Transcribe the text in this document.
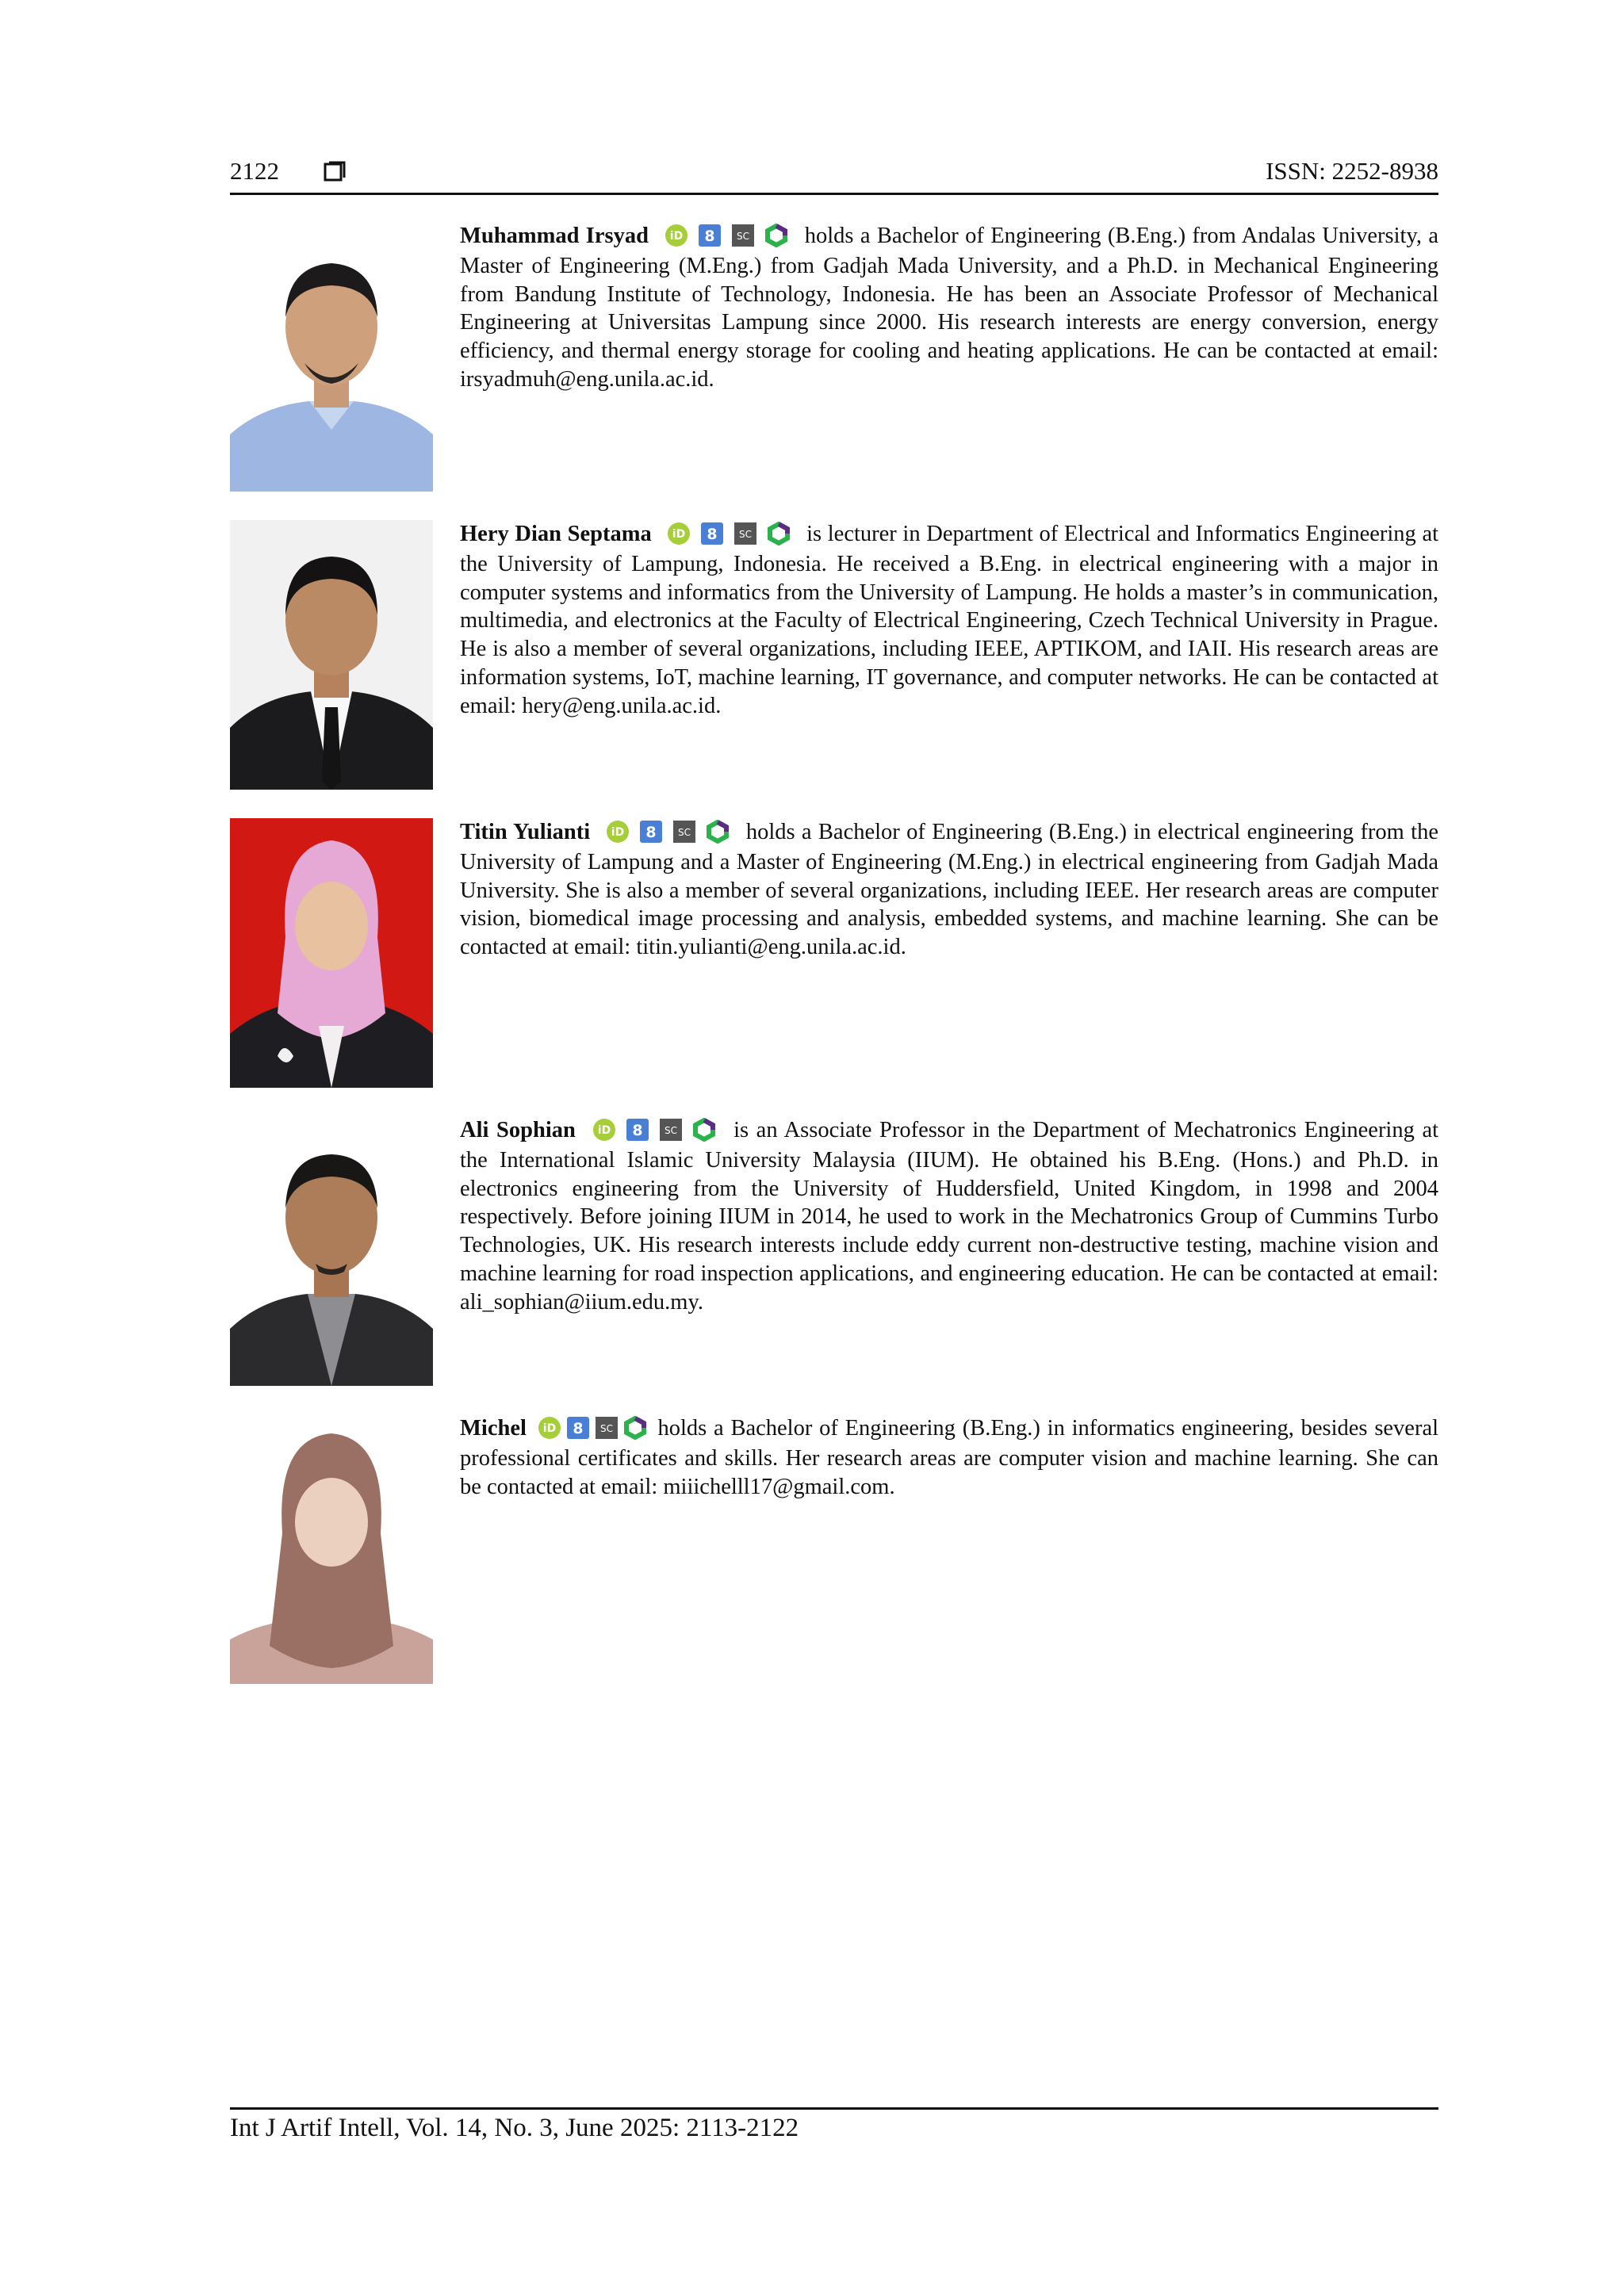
2122	ISSN: 2252-8938
Muhammad Irsyad iD 8 SC holds a Bachelor of Engineering (B.Eng.) from Andalas University, a Master of Engineering (M.Eng.) from Gadjah Mada University, and a Ph.D. in Mechanical Engineering from Bandung Institute of Technology, Indonesia. He has been an Associate Professor of Mechanical Engineering at Universitas Lampung since 2000. His research interests are energy conversion, energy efficiency, and thermal energy storage for cooling and heating applications. He can be contacted at email: irsyadmuh@eng.unila.ac.id.
Hery Dian Septama iD 8 SC is lecturer in Department of Electrical and Informatics Engineering at the University of Lampung, Indonesia. He received a B.Eng. in electrical engineering with a major in computer systems and informatics from the University of Lampung. He holds a master’s in communication, multimedia, and electronics at the Faculty of Electrical Engineering, Czech Technical University in Prague. He is also a member of several organizations, including IEEE, APTIKOM, and IAII. His research areas are information systems, IoT, machine learning, IT governance, and computer networks. He can be contacted at email: hery@eng.unila.ac.id.
Titin Yulianti iD 8 SC holds a Bachelor of Engineering (B.Eng.) in electrical engineering from the University of Lampung and a Master of Engineering (M.Eng.) in electrical engineering from Gadjah Mada University. She is also a member of several organizations, including IEEE. Her research areas are computer vision, biomedical image processing and analysis, embedded systems, and machine learning. She can be contacted at email: titin.yulianti@eng.unila.ac.id.
Ali Sophian iD 8 SC is an Associate Professor in the Department of Mechatronics Engineering at the International Islamic University Malaysia (IIUM). He obtained his B.Eng. (Hons.) and Ph.D. in electronics engineering from the University of Huddersfield, United Kingdom, in 1998 and 2004 respectively. Before joining IIUM in 2014, he used to work in the Mechatronics Group of Cummins Turbo Technologies, UK. His research interests include eddy current non-destructive testing, machine vision and machine learning for road inspection applications, and engineering education. He can be contacted at email: ali_sophian@iium.edu.my.
Michel iD 8 SC holds a Bachelor of Engineering (B.Eng.) in informatics engineering, besides several professional certificates and skills. Her research areas are computer vision and machine learning. She can be contacted at email: miiichelll17@gmail.com.
Int J Artif Intell, Vol. 14, No. 3, June 2025: 2113-2122
